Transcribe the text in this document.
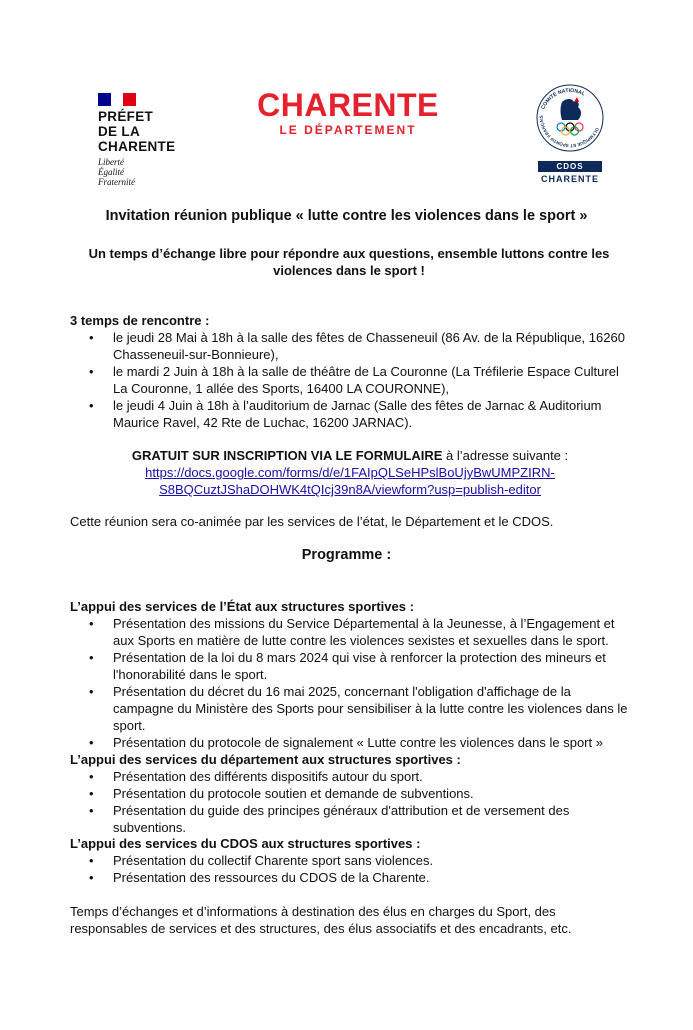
PRÉFET
DE LA
CHARENTE
Liberté
Égalité
Fraternité
CHARENTE
LE DÉPARTEMENT
COMITÉ NATIONAL
OLYMPIQUE ET SPORTIF FRANÇAIS
CDOS
CHARENTE
Invitation réunion publique « lutte contre les violences dans le sport »
Un temps d’échange libre pour répondre aux questions, ensemble luttons contre les violences dans le sport !
3 temps de rencontre :
• le jeudi 28 Mai à 18h à la salle des fêtes de Chasseneuil (86 Av. de la République, 16260 Chasseneuil-sur-Bonnieure),
• le mardi 2 Juin à 18h à la salle de théâtre de La Couronne (La Tréfilerie Espace Culturel La Couronne, 1 allée des Sports, 16400 LA COURONNE),
• le jeudi 4 Juin à 18h à l’auditorium de Jarnac (Salle des fêtes de Jarnac & Auditorium Maurice Ravel, 42 Rte de Luchac, 16200 JARNAC).
GRATUIT SUR INSCRIPTION VIA LE FORMULAIRE à l’adresse suivante :
https://docs.google.com/forms/d/e/1FAIpQLSeHPslBoUjyBwUMPZIRN-
S8BQCuztJShaDOHWK4tQIcj39n8A/viewform?usp=publish-editor
Cette réunion sera co-animée par les services de l’état, le Département et le CDOS.
Programme :
L’appui des services de l’État aux structures sportives :
• Présentation des missions du Service Départemental à la Jeunesse, à l’Engagement et aux Sports en matière de lutte contre les violences sexistes et sexuelles dans le sport.
• Présentation de la loi du 8 mars 2024 qui vise à renforcer la protection des mineurs et l'honorabilité dans le sport.
• Présentation du décret du 16 mai 2025, concernant l'obligation d'affichage de la campagne du Ministère des Sports pour sensibiliser à la lutte contre les violences dans le sport.
• Présentation du protocole de signalement « Lutte contre les violences dans le sport »
L’appui des services du département aux structures sportives :
• Présentation des différents dispositifs autour du sport.
• Présentation du protocole soutien et demande de subventions.
• Présentation du guide des principes généraux d'attribution et de versement des subventions.
L’appui des services du CDOS aux structures sportives :
• Présentation du collectif Charente sport sans violences.
• Présentation des ressources du CDOS de la Charente.
Temps d’échanges et d’informations à destination des élus en charges du Sport, des responsables de services et des structures, des élus associatifs et des encadrants, etc.
